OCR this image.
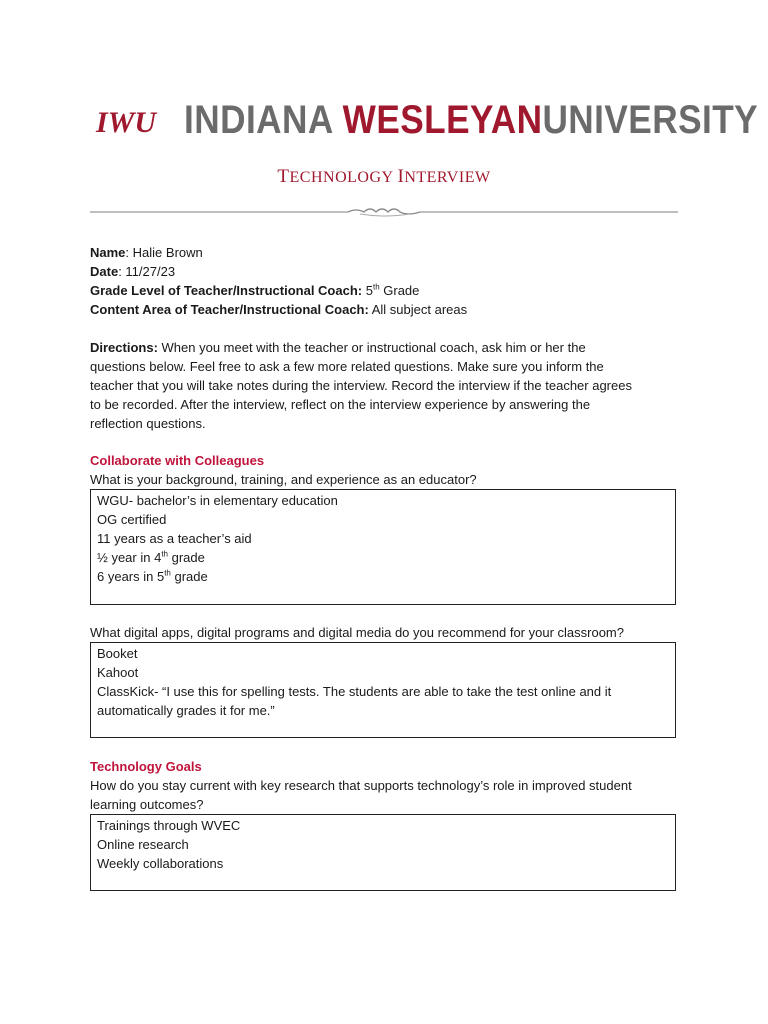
IWU INDIANA WESLEYANUNIVERSITY
TECHNOLOGY INTERVIEW
Name: Halie Brown
Date: 11/27/23
Grade Level of Teacher/Instructional Coach: 5th Grade
Content Area of Teacher/Instructional Coach: All subject areas
Directions: When you meet with the teacher or instructional coach, ask him or her the
questions below. Feel free to ask a few more related questions. Make sure you inform the
teacher that you will take notes during the interview. Record the interview if the teacher agrees
to be recorded. After the interview, reflect on the interview experience by answering the
reflection questions.
Collaborate with Colleagues
What is your background, training, and experience as an educator?
WGU- bachelor’s in elementary education
OG certified
11 years as a teacher’s aid
½ year in 4th grade
6 years in 5th grade
What digital apps, digital programs and digital media do you recommend for your classroom?
Booket
Kahoot
ClassKick- “I use this for spelling tests. The students are able to take the test online and it
automatically grades it for me.”
Technology Goals
How do you stay current with key research that supports technology’s role in improved student
learning outcomes?
Trainings through WVEC
Online research
Weekly collaborations
